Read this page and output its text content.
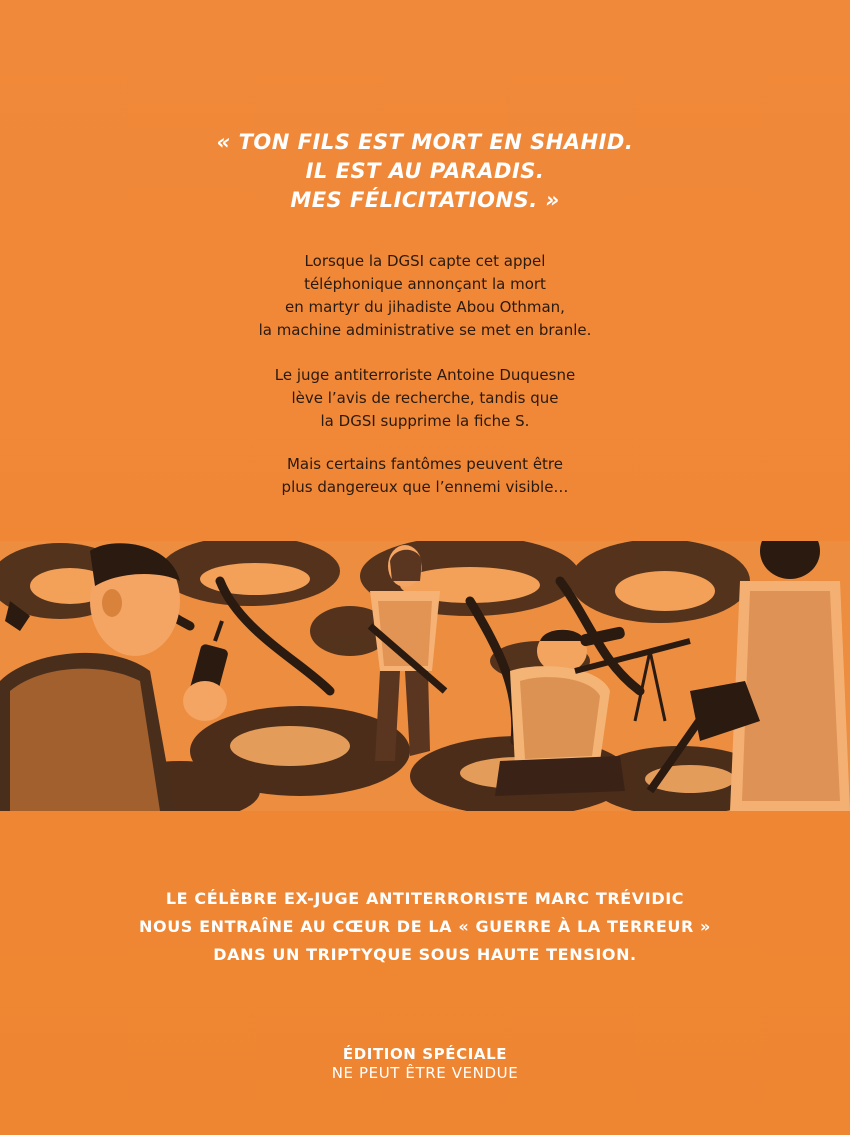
« TON FILS EST MORT EN SHAHID.
IL EST AU PARADIS.
MES FÉLICITATIONS. »
Lorsque la DGSI capte cet appel
téléphonique annonçant la mort
en martyr du jihadiste Abou Othman,
la machine administrative se met en branle.
Le juge antiterroriste Antoine Duquesne
lève l’avis de recherche, tandis que
la DGSI supprime la fiche S.
Mais certains fantômes peuvent être
plus dangereux que l’ennemi visible…
LE CÉLÈBRE EX-JUGE ANTITERRORISTE MARC TRÉVIDIC
NOUS ENTRAÎNE AU CŒUR DE LA « GUERRE À LA TERREUR »
DANS UN TRIPTYQUE SOUS HAUTE TENSION.
ÉDITION SPÉCIALE
NE PEUT ÊTRE VENDUE
